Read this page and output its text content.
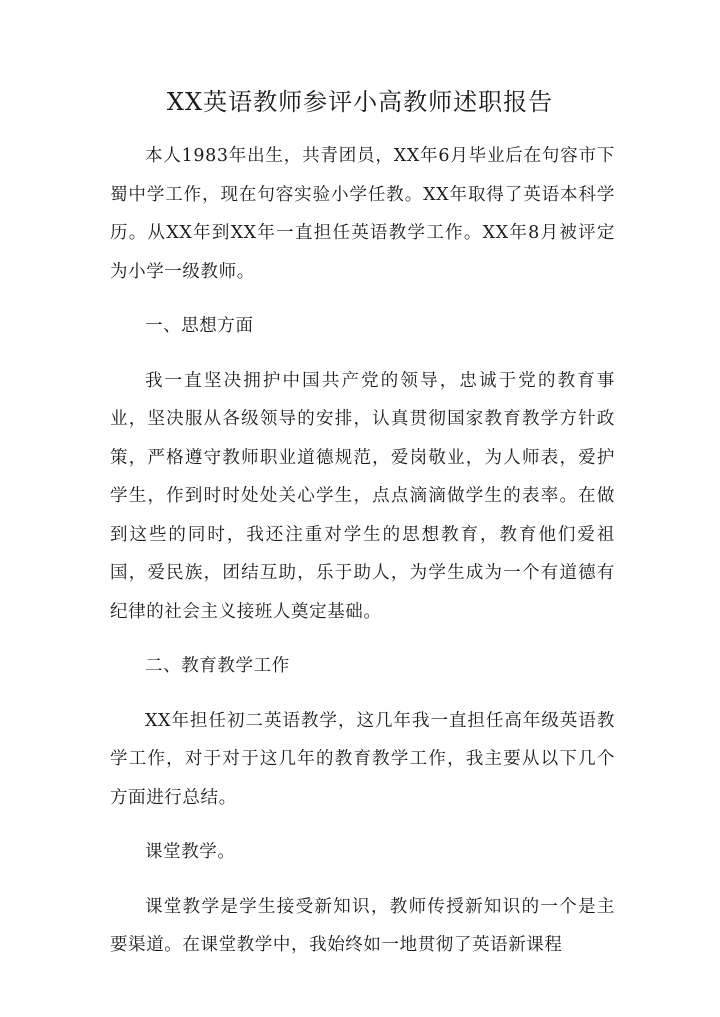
XX英语教师参评小高教师述职报告

本人1983年出生，共青团员，XX年6月毕业后在句容市下蜀中学工作，现在句容实验小学任教。XX年取得了英语本科学历。从XX年到XX年一直担任英语教学工作。XX年8月被评定为小学一级教师。

一、思想方面

我一直坚决拥护中国共产党的领导，忠诚于党的教育事业，坚决服从各级领导的安排，认真贯彻国家教育教学方针政策，严格遵守教师职业道德规范，爱岗敬业，为人师表，爱护学生，作到时时处处关心学生，点点滴滴做学生的表率。在做到这些的同时，我还注重对学生的思想教育，教育他们爱祖国，爱民族，团结互助，乐于助人，为学生成为一个有道德有纪律的社会主义接班人奠定基础。

二、教育教学工作

XX年担任初二英语教学，这几年我一直担任高年级英语教学工作，对于对于这几年的教育教学工作，我主要从以下几个方面进行总结。

课堂教学。

课堂教学是学生接受新知识，教师传授新知识的一个是主要渠道。在课堂教学中，我始终如一地贯彻了英语新课程
